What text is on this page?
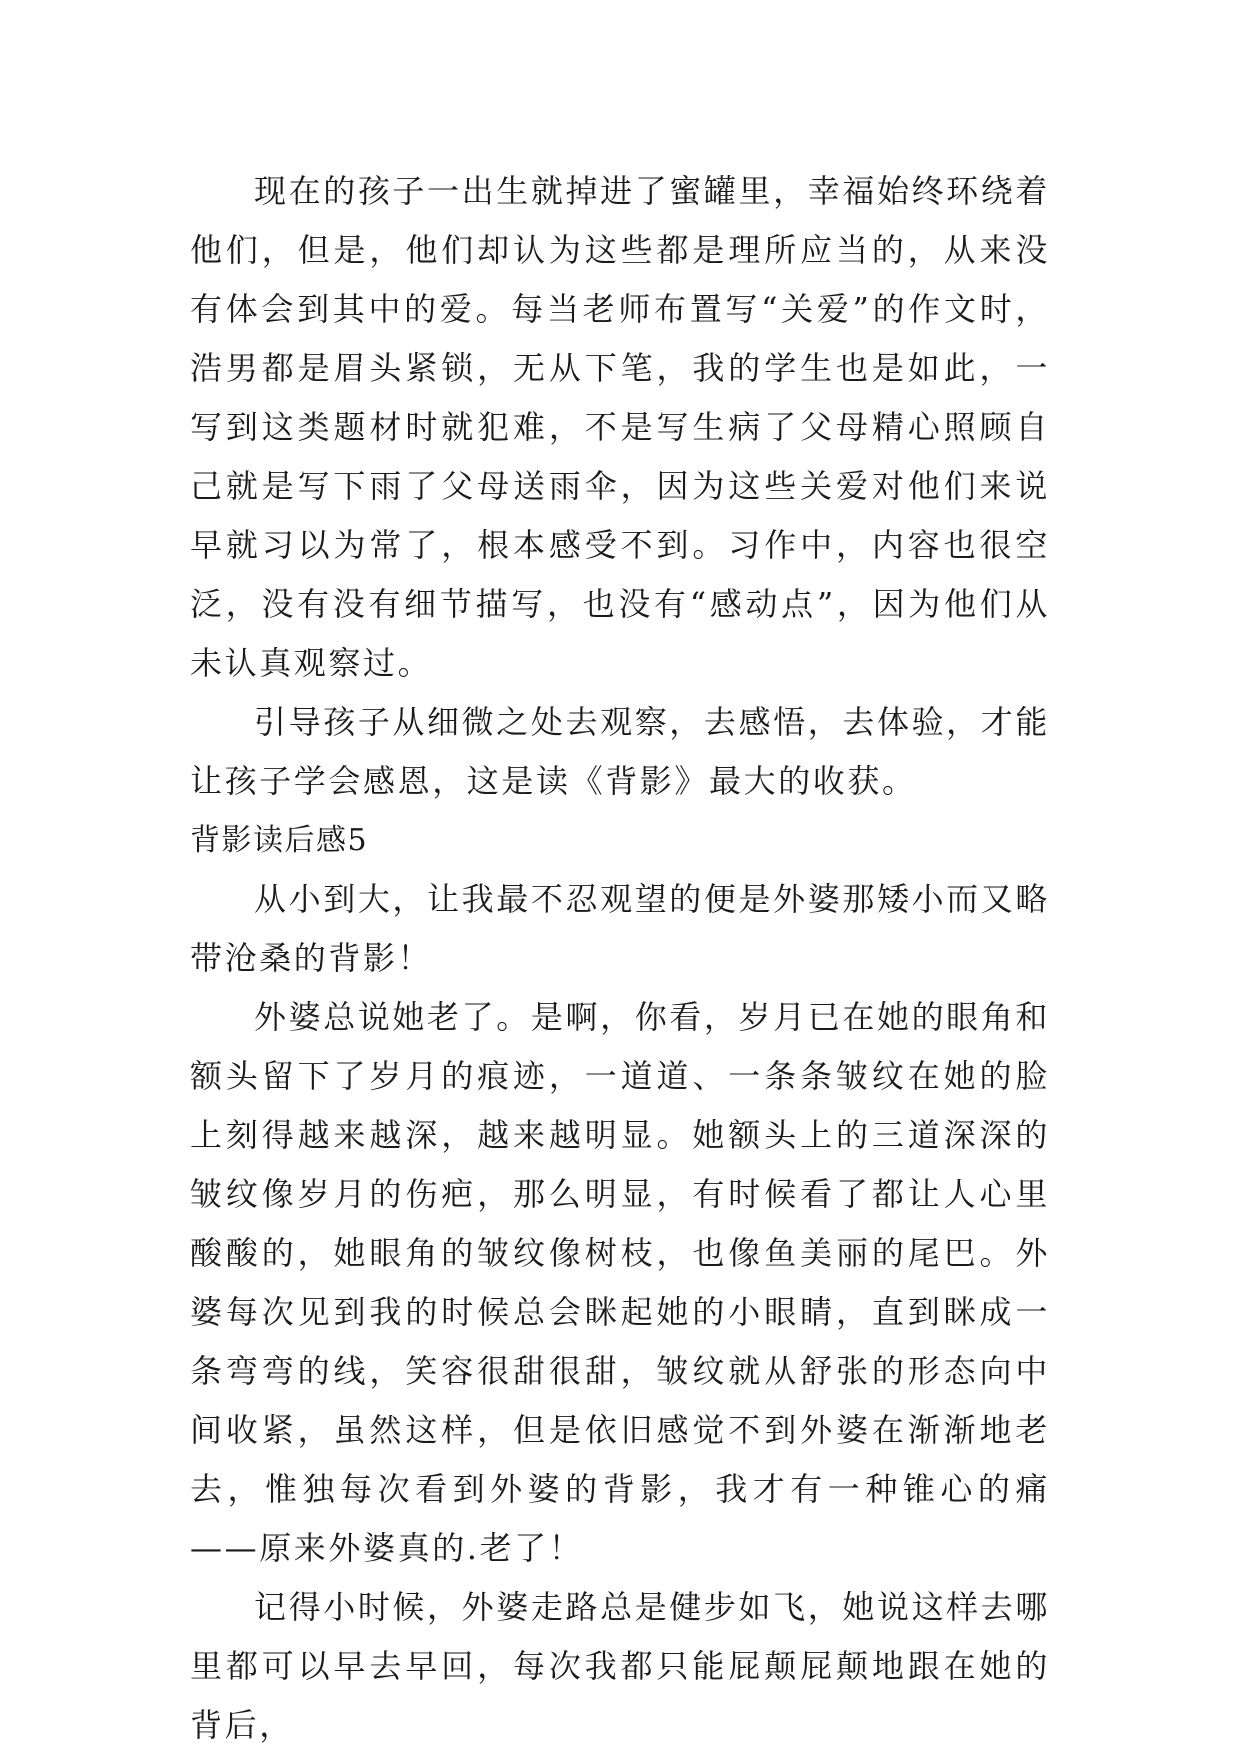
现在的孩子一出生就掉进了蜜罐里，幸福始终环绕着他们，但是，他们却认为这些都是理所应当的，从来没有体会到其中的爱。每当老师布置写“关爱”的作文时，浩男都是眉头紧锁，无从下笔，我的学生也是如此，一写到这类题材时就犯难，不是写生病了父母精心照顾自己就是写下雨了父母送雨伞，因为这些关爱对他们来说早就习以为常了，根本感受不到。习作中，内容也很空泛，没有没有细节描写，也没有“感动点”，因为他们从未认真观察过。

引导孩子从细微之处去观察，去感悟，去体验，才能让孩子学会感恩，这是读《背影》最大的收获。

背影读后感5

从小到大，让我最不忍观望的便是外婆那矮小而又略带沧桑的背影！

外婆总说她老了。是啊，你看，岁月已在她的眼角和额头留下了岁月的痕迹，一道道、一条条皱纹在她的脸上刻得越来越深，越来越明显。她额头上的三道深深的皱纹像岁月的伤疤，那么明显，有时候看了都让人心里酸酸的，她眼角的皱纹像树枝，也像鱼美丽的尾巴。外婆每次见到我的时候总会眯起她的小眼睛，直到眯成一条弯弯的线，笑容很甜很甜，皱纹就从舒张的形态向中间收紧，虽然这样，但是依旧感觉不到外婆在渐渐地老去，惟独每次看到外婆的背影，我才有一种锥心的痛——原来外婆真的.老了！

记得小时候，外婆走路总是健步如飞，她说这样去哪里都可以早去早回，每次我都只能屁颠屁颠地跟在她的背后，
